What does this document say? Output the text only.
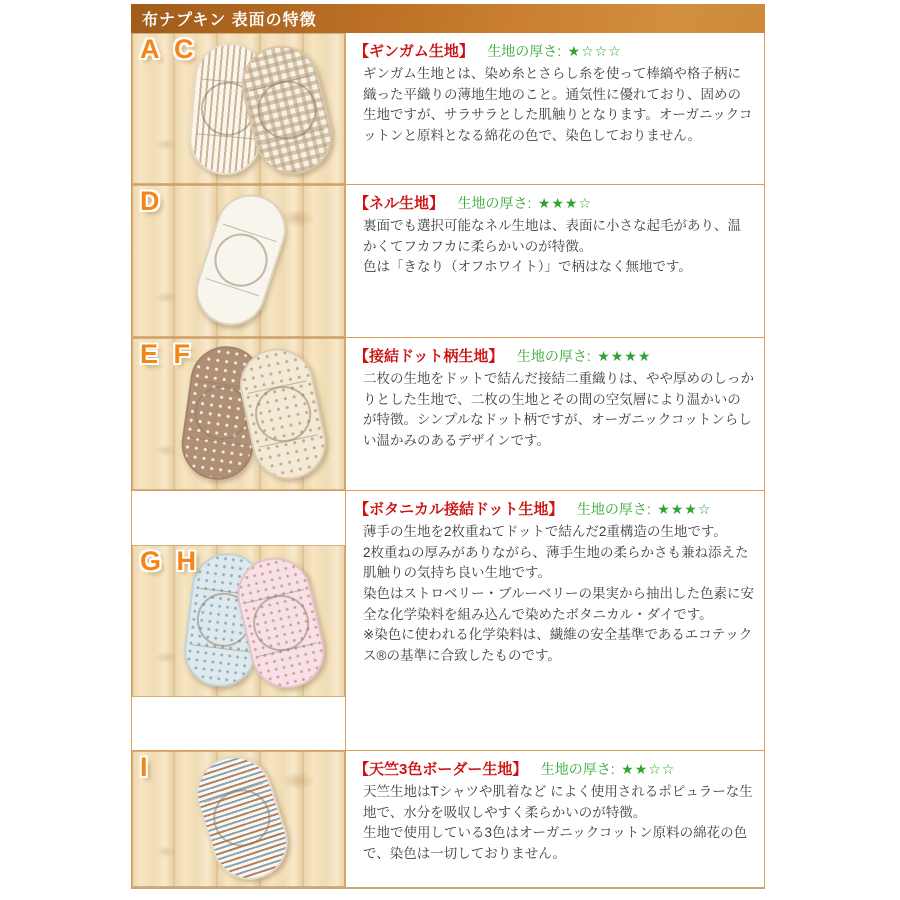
布ナプキン 表面の特徴
A C	【ギンガム生地】 生地の厚さ: ★☆☆☆
ギンガム生地とは、染め糸とさらし糸を使って棒縞や格子柄に織った平織りの薄地生地のこと。通気性に優れており、固めの生地ですが、サラサラとした肌触りとなります。オーガニックコットンと原料となる綿花の色で、染色しておりません。
D	【ネル生地】 生地の厚さ: ★★★☆
裏面でも選択可能なネル生地は、表面に小さな起毛があり、温かくてフカフカに柔らかいのが特徴。
色は「きなり（オフホワイト）」で柄はなく無地です。
E F	【接結ドット柄生地】 生地の厚さ: ★★★★
二枚の生地をドットで結んだ接結二重織りは、やや厚めのしっかりとした生地で、二枚の生地とその間の空気層により温かいのが特徴。シンプルなドット柄ですが、オーガニックコットンらしい温かみのあるデザインです。
G H
【ボタニカル接結ドット生地】 生地の厚さ: ★★★☆
薄手の生地を2枚重ねてドットで結んだ2重構造の生地です。
2枚重ねの厚みがありながら、薄手生地の柔らかさも兼ね添えた肌触りの気持ち良い生地です。
染色はストロベリー・ブルーベリーの果実から抽出した色素に安全な化学染料を組み込んで染めたボタニカル・ダイです。
※染色に使われる化学染料は、繊維の安全基準であるエコテックス®の基準に合致したものです。
I	【天竺3色ボーダー生地】 生地の厚さ: ★★☆☆
天竺生地はTシャツや肌着など によく使用されるポピュラーな生地で、水分を吸収しやすく柔らかいのが特徴。
生地で使用している3色はオーガニックコットン原料の綿花の色で、染色は一切しておりません。
